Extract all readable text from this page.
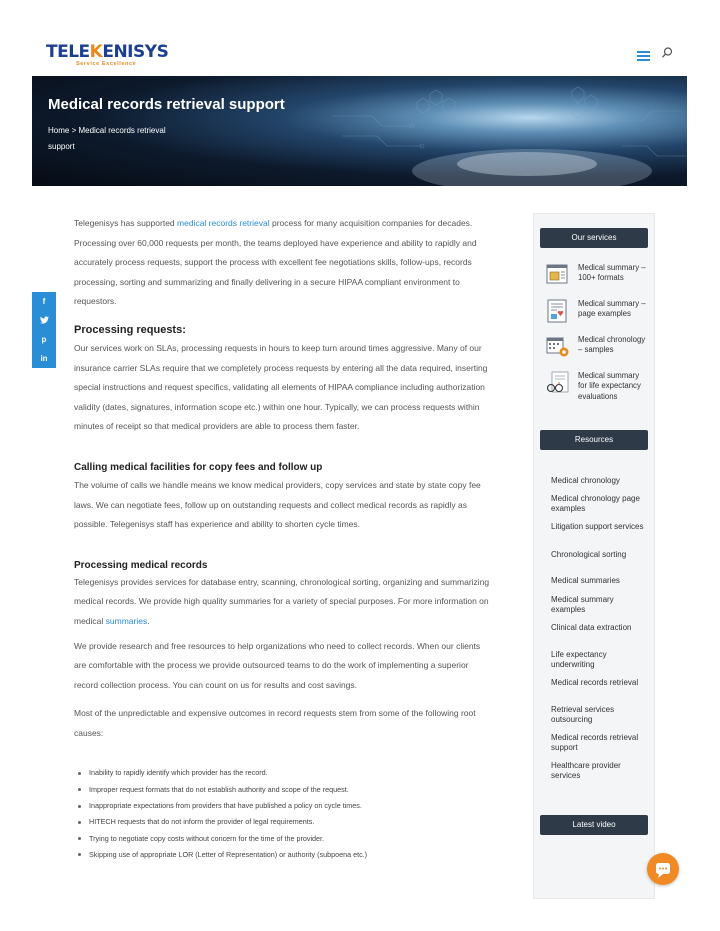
TELEKENISYS
Service Excellence
Medical records retrieval support
Home > Medical records retrieval support
f
p
in

Telegenisys has supported medical records retrieval process for many acquisition companies for decades. Processing over 60,000 requests per month, the teams deployed have experience and ability to rapidly and accurately process requests, support the process with excellent fee negotiations skills, follow-ups, records processing, sorting and summarizing and finally delivering in a secure HIPAA compliant environment to requestors.

Processing requests:

Our services work on SLAs, processing requests in hours to keep turn around times aggressive. Many of our insurance carrier SLAs require that we completely process requests by entering all the data required, inserting special instructions and request specifics, validating all elements of HIPAA compliance including authorization validity (dates, signatures, information scope etc.) within one hour. Typically, we can process requests within minutes of receipt so that medical providers are able to process them faster.

Calling medical facilities for copy fees and follow up

The volume of calls we handle means we know medical providers, copy services and state by state copy fee laws. We can negotiate fees, follow up on outstanding requests and collect medical records as rapidly as possible. Telegenisys staff has experience and ability to shorten cycle times.

Processing medical records

Telegenisys provides services for database entry, scanning, chronological sorting, organizing and summarizing medical records. We provide high quality summaries for a variety of special purposes. For more information on medical summaries.

We provide research and free resources to help organizations who need to collect records. When our clients are comfortable with the process we provide outsourced teams to do the work of implementing a superior record collection process. You can count on us for results and cost savings.

Most of the unpredictable and expensive outcomes in record requests stem from some of the following root causes:

Inability to rapidly identify which provider has the record.
Improper request formats that do not establish authority and scope of the request.
Inappropriate expectations from providers that have published a policy on cycle times.
HITECH requests that do not inform the provider of legal requirements.
Trying to negotiate copy costs without concern for the time of the provider.
Skipping use of appropriate LOR (Letter of Representation) or authority (subpoena etc.)
Our services
Medical summary – 100+ formats
Medical summary – page examples
Medical chronology – samples
Medical summary for life expectancy evaluations
Resources
Medical chronology
Medical chronology page examples
Litigation support services
Chronological sorting
Medical summaries
Medical summary examples
Clinical data extraction
Life expectancy underwriting
Medical records retrieval
Retrieval services outsourcing
Medical records retrieval support
Healthcare provider services
Latest video
